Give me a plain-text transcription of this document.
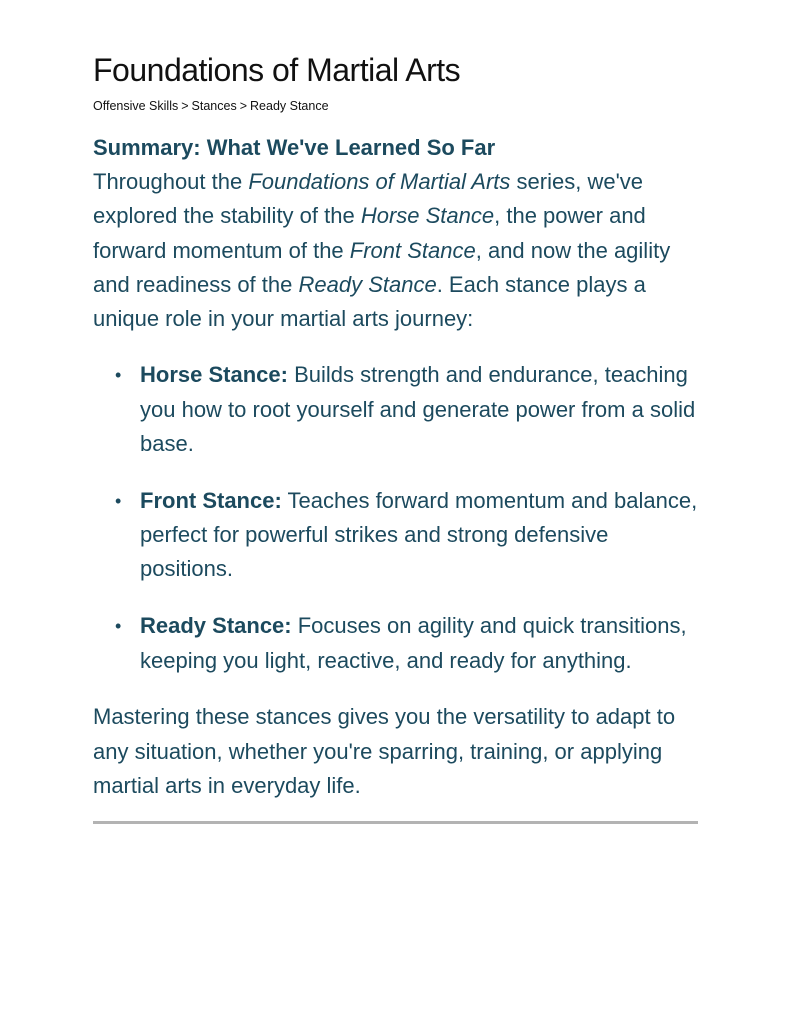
Foundations of Martial Arts
Offensive Skills > Stances > Ready Stance
Summary: What We've Learned So Far

Throughout the Foundations of Martial Arts series, we've explored the stability of the Horse Stance, the power and forward momentum of the Front Stance, and now the agility and readiness of the Ready Stance. Each stance plays a unique role in your martial arts journey:

• Horse Stance: Builds strength and endurance, teaching you how to root yourself and generate power from a solid base.
• Front Stance: Teaches forward momentum and balance, perfect for powerful strikes and strong defensive positions.
• Ready Stance: Focuses on agility and quick transitions, keeping you light, reactive, and ready for anything.

Mastering these stances gives you the versatility to adapt to any situation, whether you're sparring, training, or applying martial arts in everyday life.
